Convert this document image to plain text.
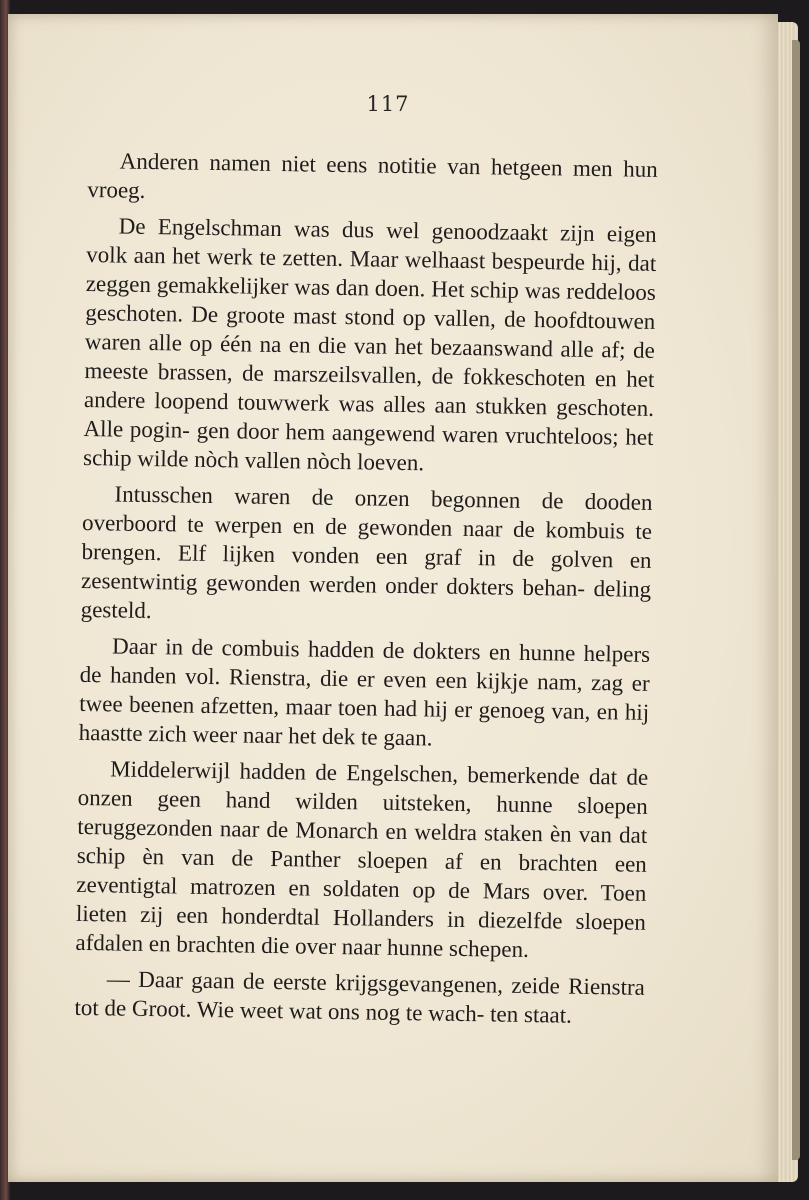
117

Anderen namen niet eens notitie van hetgeen men hun vroeg.

De Engelschman was dus wel genoodzaakt zijn eigen volk aan het werk te zetten. Maar welhaast bespeurde hij, dat zeggen gemakkelijker was dan doen. Het schip was reddeloos geschoten. De groote mast stond op vallen, de hoofdtouwen waren alle op één na en die van het bezaanswand alle af; de meeste brassen, de marszeilsvallen, de fokkeschoten en het andere loopend touwwerk was alles aan stukken geschoten. Alle pogin- gen door hem aangewend waren vruchteloos; het schip wilde nòch vallen nòch loeven.

Intusschen waren de onzen begonnen de dooden overboord te werpen en de gewonden naar de kombuis te brengen. Elf lijken vonden een graf in de golven en zesentwintig gewonden werden onder dokters behan- deling gesteld.

Daar in de combuis hadden de dokters en hunne helpers de handen vol. Rienstra, die er even een kijkje nam, zag er twee beenen afzetten, maar toen had hij er genoeg van, en hij haastte zich weer naar het dek te gaan.

Middelerwijl hadden de Engelschen, bemerkende dat de onzen geen hand wilden uitsteken, hunne sloepen teruggezonden naar de Monarch en weldra staken èn van dat schip èn van de Panther sloepen af en brachten een zeventigtal matrozen en soldaten op de Mars over. Toen lieten zij een honderdtal Hollanders in diezelfde sloepen afdalen en brachten die over naar hunne schepen.

— Daar gaan de eerste krijgsgevangenen, zeide Rienstra tot de Groot. Wie weet wat ons nog te wach- ten staat.
